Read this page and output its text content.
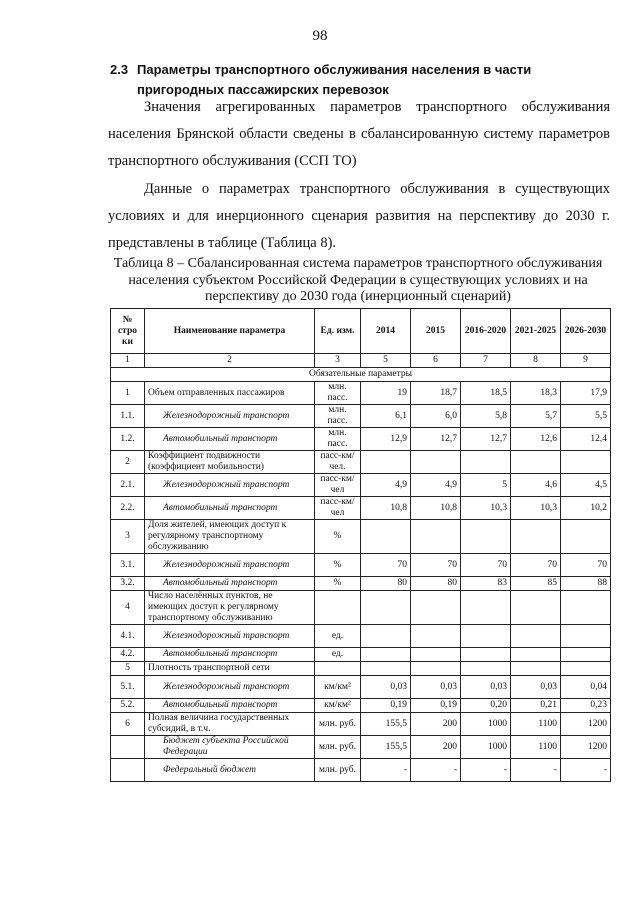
98
2.3 Параметры транспортного обслуживания населения в части пригородных пассажирских перевозок
Значения агрегированных параметров транспортного обслуживания населения Брянской области сведены в сбалансированную систему параметров транспортного обслуживания (ССП ТО)
Данные о параметрах транспортного обслуживания в существующих условиях и для инерционного сценария развития на перспективу до 2030 г. представлены в таблице (Таблица 8).
Таблица 8 – Сбалансированная система параметров транспортного обслуживания населения субъектом Российской Федерации в существующих условиях и на перспективу до 2030 года (инерционный сценарий)
№ стро ки	Наименование параметра	Ед. изм.	2014	2015	2016-2020	2021-2025	2026-2030
1	2	3	5	6	7	8	9
Обязательные параметры							
1	Объем отправленных пассажиров	млн. пасс.	19	18,7	18,5	18,3	17,9
1.1.	Железнодорожный транспорт	млн. пасс.	6,1	6,0	5,8	5,7	5,5
1.2.	Автомобильный транспорт	млн. пасс.	12,9	12,7	12,7	12,6	12,4
2	Коэффициент подвижности (коэффициент мобильности)	пасс-км/чел.					
2.1.	Железнодорожный транспорт	пасс-км/чел	4,9	4,9	5	4,6	4,5
2.2.	Автомобильный транспорт	пасс-км/чел	10,8	10,8	10,3	10,3	10,2
3	Доля жителей, имеющих доступ к регулярному транспортному обслуживанию	%					
3.1.	Железнодорожный транспорт	%	70	70	70	70	70
3.2.	Автомобильный транспорт	%	80	80	83	85	88
4	Число населённых пунктов, не имеющих доступ к регулярному транспортному обслуживанию						
4.1.	Железнодорожный транспорт	ед.					
4.2.	Автомобильный транспорт	ед.					
5	Плотность транспортной сети						
5.1.	Железнодорожный транспорт	км/км²	0,03	0,03	0,03	0,03	0,04
5.2.	Автомобильный транспорт	км/км²	0,19	0,19	0,20	0,21	0,23
6	Полная величина государственных субсидий, в т.ч.	млн. руб.	155,5	200	1000	1100	1200
	Бюджет субъекта Российской Федерации	млн. руб.	155,5	200	1000	1100	1200
	Федеральный бюджет	млн. руб.	-	-	-	-	-
